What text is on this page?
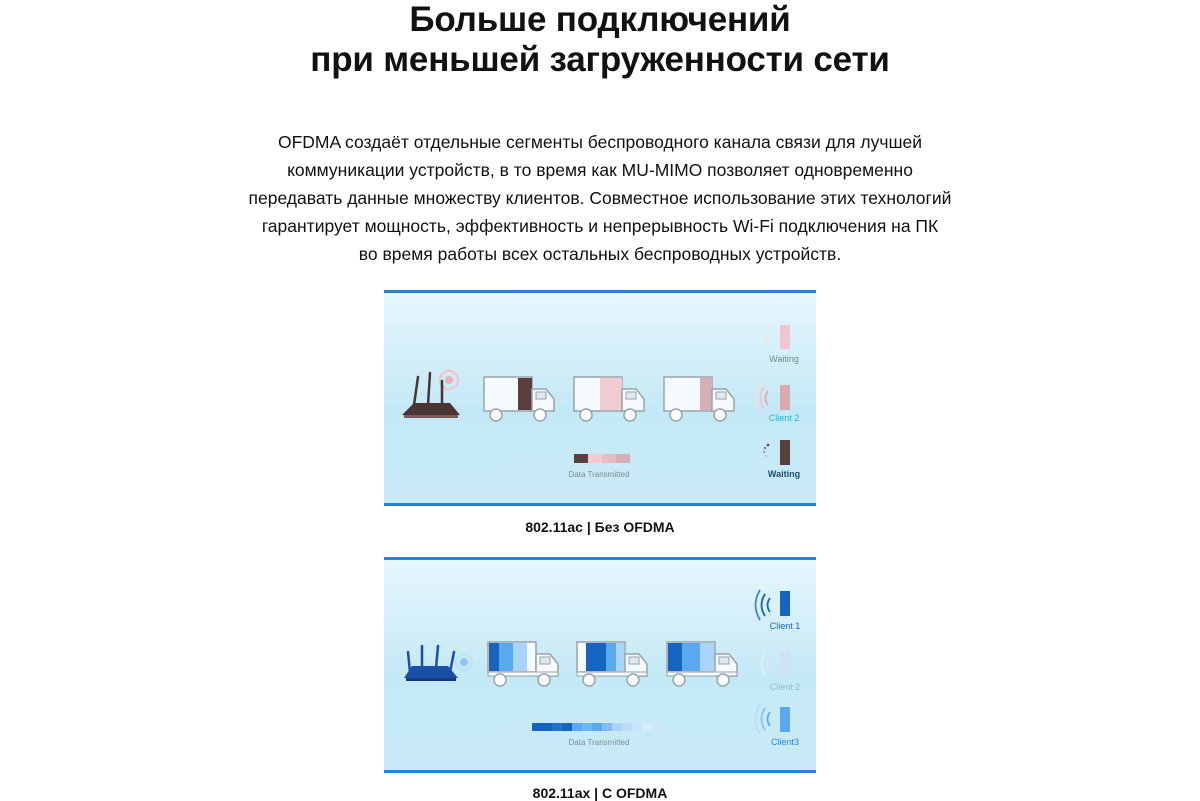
Больше подключений
при меньшей загруженности сети
OFDMA создаёт отдельные сегменты беспроводного канала связи для лучшей
коммуникации устройств, в то время как MU-MIMO позволяет одновременно
передавать данные множеству клиентов. Совместное использование этих технологий
гарантирует мощность, эффективность и непрерывность Wi-Fi подключения на ПК
во время работы всех остальных беспроводных устройств.
Data Transmitted
Waiting
Client 2
Waiting
802.11ac | Без OFDMA
Data Transmitted
Client 1
Client 2
Client3
802.11ax | С OFDMA
